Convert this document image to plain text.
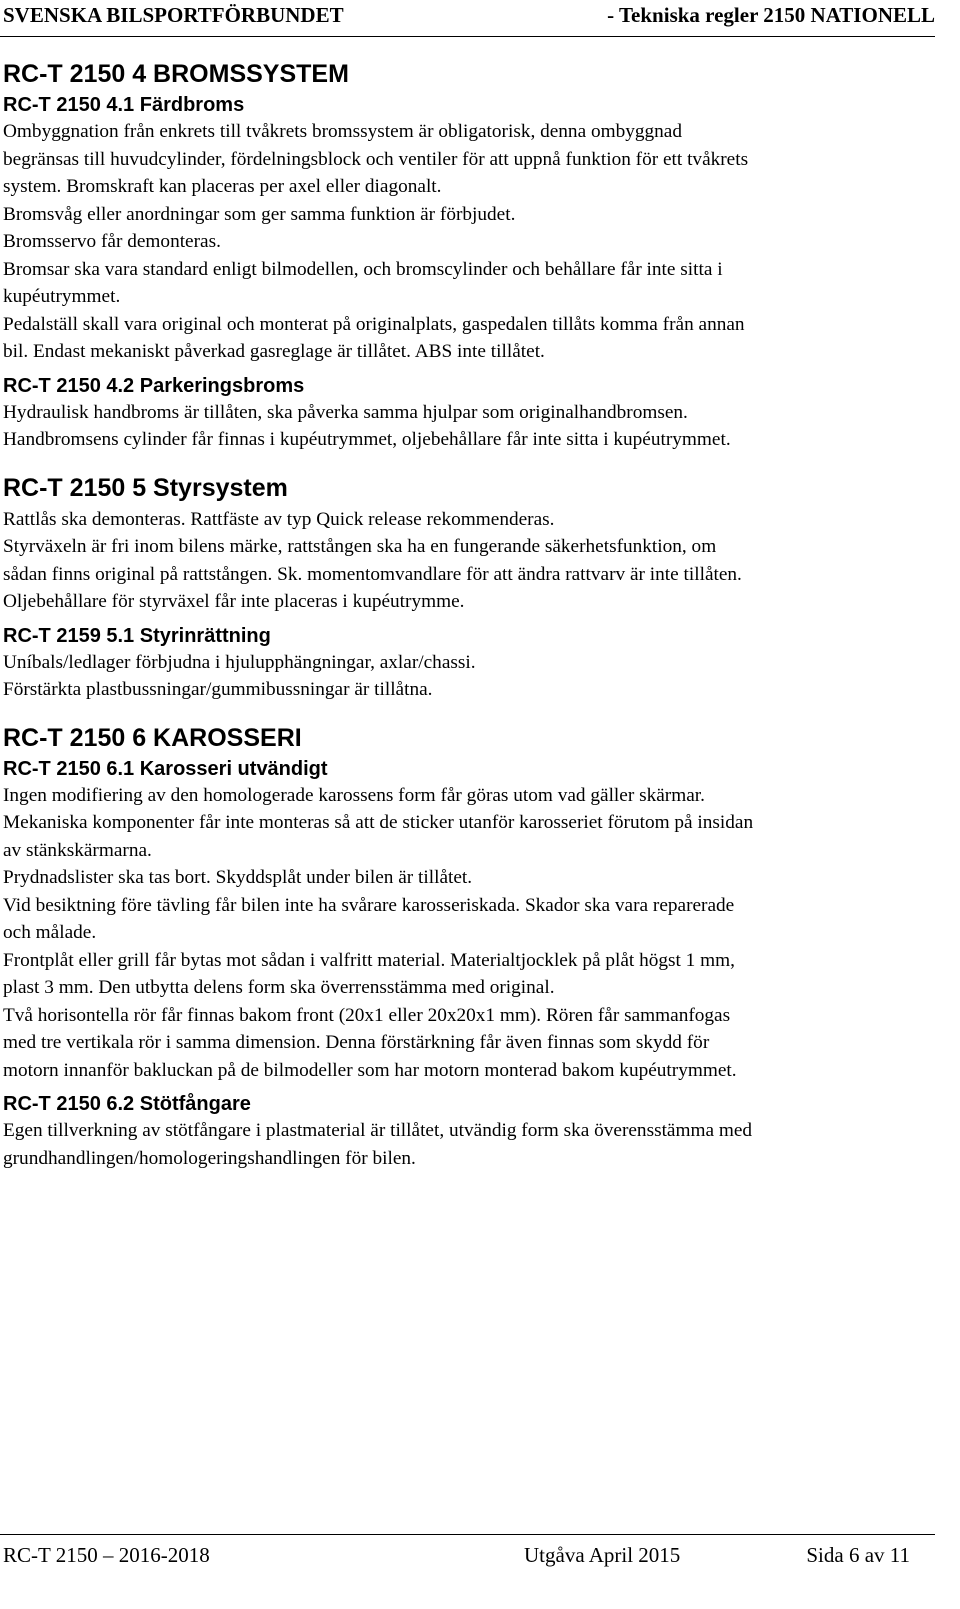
SVENSKA BILSPORTFÖRBUNDET	- Tekniska regler 2150 NATIONELL
RC-T 2150 4 BROMSSYSTEM
RC-T 2150 4.1 Färdbroms
Ombyggnation från enkrets till tvåkrets bromssystem är obligatorisk, denna ombyggnad
begränsas till huvudcylinder, fördelningsblock och ventiler för att uppnå funktion för ett tvåkrets
system. Bromskraft kan placeras per axel eller diagonalt.
Bromsvåg eller anordningar som ger samma funktion är förbjudet.
Bromsservo får demonteras.
Bromsar ska vara standard enligt bilmodellen, och bromscylinder och behållare får inte sitta i
kupéutrymmet.
Pedalställ skall vara original och monterat på originalplats, gaspedalen tillåts komma från annan
bil. Endast mekaniskt påverkad gasreglage är tillåtet. ABS inte tillåtet.
RC-T 2150 4.2 Parkeringsbroms
Hydraulisk handbroms är tillåten, ska påverka samma hjulpar som originalhandbromsen.
Handbromsens cylinder får finnas i kupéutrymmet, oljebehållare får inte sitta i kupéutrymmet.
RC-T 2150 5 Styrsystem
Rattlås ska demonteras. Rattfäste av typ Quick release rekommenderas.
Styrväxeln är fri inom bilens märke, rattstången ska ha en fungerande säkerhetsfunktion, om
sådan finns original på rattstången. Sk. momentomvandlare för att ändra rattvarv är inte tillåten.
Oljebehållare för styrväxel får inte placeras i kupéutrymme.
RC-T 2159 5.1 Styrinrättning
Uníbals/ledlager förbjudna i hjulupphängningar, axlar/chassi.
Förstärkta plastbussningar/gummibussningar är tillåtna.
RC-T 2150 6 KAROSSERI
RC-T 2150 6.1 Karosseri utvändigt
Ingen modifiering av den homologerade karossens form får göras utom vad gäller skärmar.
Mekaniska komponenter får inte monteras så att de sticker utanför karosseriet förutom på insidan
av stänkskärmarna.
Prydnadslister ska tas bort. Skyddsplåt under bilen är tillåtet.
Vid besiktning före tävling får bilen inte ha svårare karosseriskada. Skador ska vara reparerade
och målade.
Frontplåt eller grill får bytas mot sådan i valfritt material. Materialtjocklek på plåt högst 1 mm,
plast 3 mm. Den utbytta delens form ska överrensstämma med original.
Två horisontella rör får finnas bakom front (20x1 eller 20x20x1 mm). Rören får sammanfogas
med tre vertikala rör i samma dimension. Denna förstärkning får även finnas som skydd för
motorn innanför bakluckan på de bilmodeller som har motorn monterad bakom kupéutrymmet.
RC-T 2150 6.2 Stötfångare
Egen tillverkning av stötfångare i plastmaterial är tillåtet, utvändig form ska överensstämma med
grundhandlingen/homologeringshandlingen för bilen.
RC-T 2150 – 2016-2018	Utgåva April 2015	Sida 6 av 11
